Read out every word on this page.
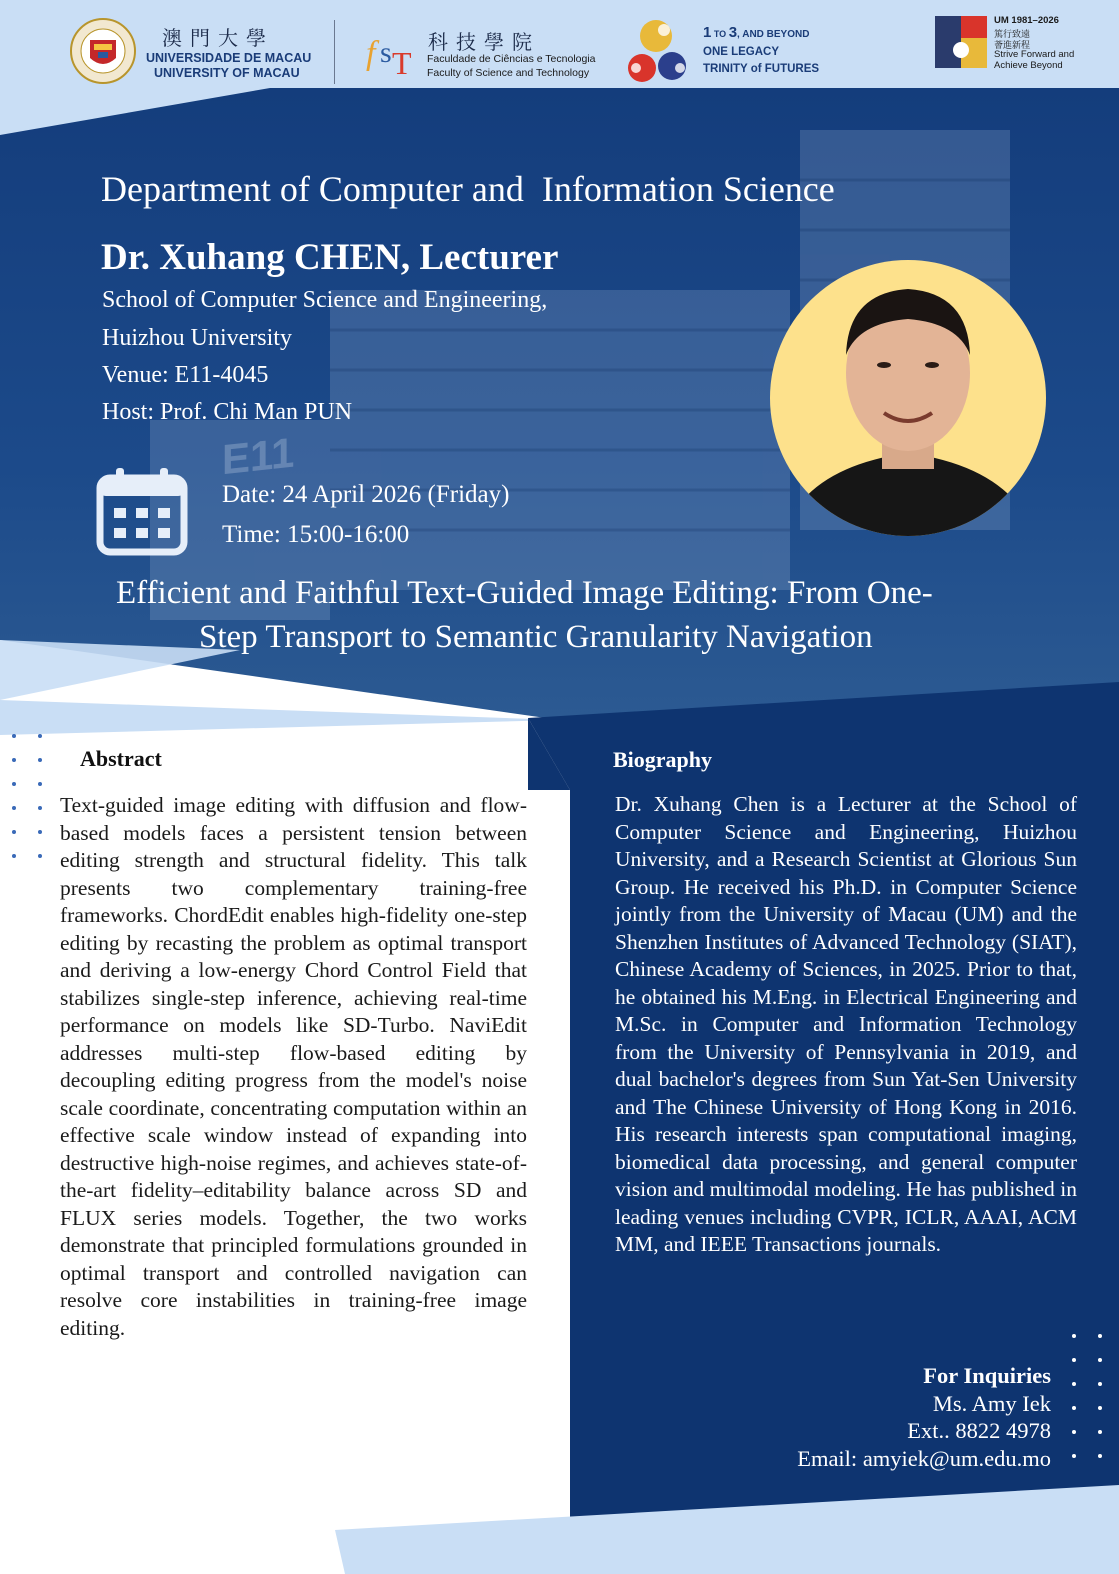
E11
澳門大學
UNIVERSIDADE DE MACAU
UNIVERSITY OF MACAU
f s T
科技學院
Faculdade de Ciências e Tecnologia
Faculty of Science and Technology
1 TO 3, AND BEYOND
ONE LEGACY
TRINITY of FUTURES
UM 1981–2026
篤行致遠
薈進新程
Strive Forward and
Achieve Beyond
Department of Computer and  Information Science
Dr. Xuhang CHEN, Lecturer
School of Computer Science and Engineering,
Huizhou University
Venue: E11-4045
Host: Prof. Chi Man PUN
Date: 24 April 2026 (Friday)
Time: 15:00-16:00
Efficient and Faithful Text-Guided Image Editing: From One-
Step Transport to Semantic Granularity Navigation
Abstract
Text-guided image editing with diffusion and flow-based models faces a persistent tension between editing strength and structural fidelity. This talk presents two complementary training-free frameworks. ChordEdit enables high-fidelity one-step editing by recasting the problem as optimal transport and deriving a low-energy Chord Control Field that stabilizes single-step inference, achieving real-time performance on models like SD-Turbo. NaviEdit addresses multi-step flow-based editing by decoupling editing progress from the model's noise scale coordinate, concentrating computation within an effective scale window instead of expanding into destructive high-noise regimes, and achieves state-of-the-art fidelity–editability balance across SD and FLUX series models. Together, the two works demonstrate that principled formulations grounded in optimal transport and controlled navigation can resolve core instabilities in training-free image editing.
Biography
Dr. Xuhang Chen is a Lecturer at the School of Computer Science and Engineering, Huizhou University, and a Research Scientist at Glorious Sun Group. He received his Ph.D. in Computer Science jointly from the University of Macau (UM) and the Shenzhen Institutes of Advanced Technology (SIAT), Chinese Academy of Sciences, in 2025. Prior to that, he obtained his M.Eng. in Electrical Engineering and M.Sc. in Computer and Information Technology from the University of Pennsylvania in 2019, and dual bachelor's degrees from Sun Yat-Sen University and The Chinese University of Hong Kong in 2016. His research interests span computational imaging, biomedical data processing, and general computer vision and multimodal modeling. He has published in leading venues including CVPR, ICLR, AAAI, ACM MM, and IEEE Transactions journals.
For Inquiries
Ms. Amy Iek
Ext.. 8822 4978
Email: amyiek@um.edu.mo
